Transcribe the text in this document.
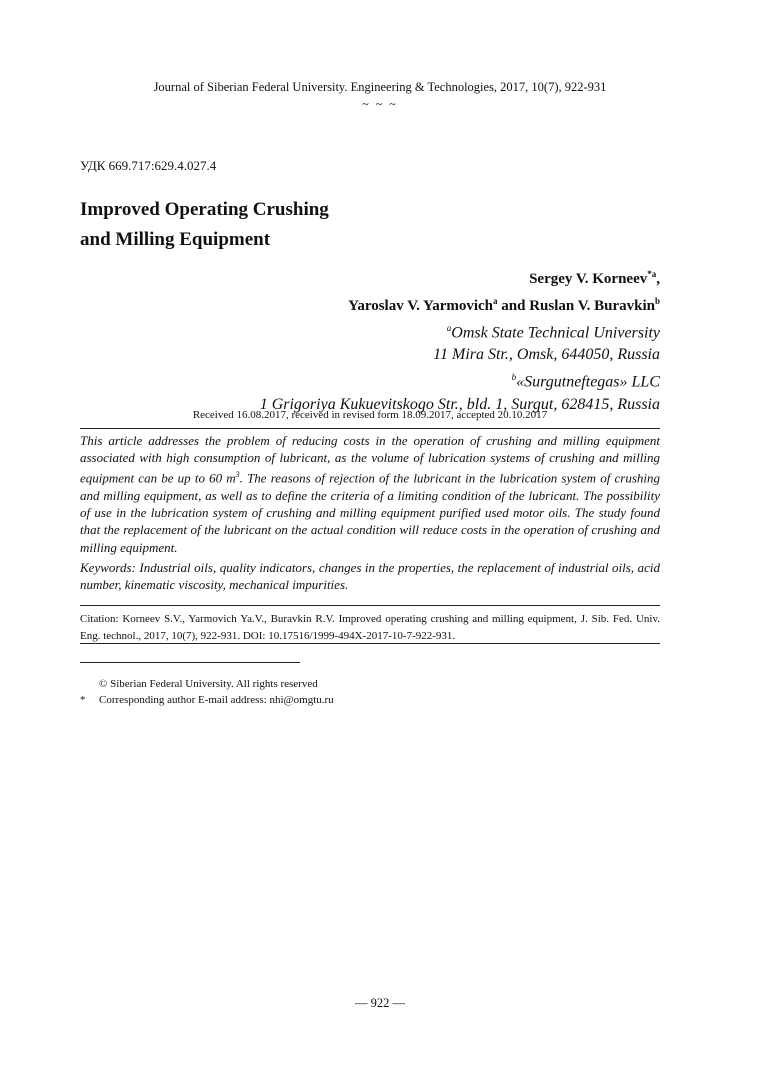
Journal of Siberian Federal University. Engineering & Technologies, 2017, 10(7), 922-931
~ ~ ~
УДК 669.717:629.4.027.4
Improved Operating Crushing
and Milling Equipment
Sergey V. Korneev$^{*a}$,
Yaroslav V. Yarmovich$^a$ and Ruslan V. Buravkin$^b$
$^a$Omsk State Technical University
11 Mira Str., Omsk, 644050, Russia
$^b$«Surgutneftegas» LLC
1 Grigoriya Kukuevitskogo Str., bld. 1, Surgut, 628415, Russia
Received 16.08.2017, received in revised form 18.09.2017, accepted 20.10.2017
This article addresses the problem of reducing costs in the operation of crushing and milling equipment associated with high consumption of lubricant, as the volume of lubrication systems of crushing and milling equipment can be up to 60 $m^3$. The reasons of rejection of the lubricant in the lubrication system of crushing and milling equipment, as well as to define the criteria of a limiting condition of the lubricant. The possibility of use in the lubrication system of crushing and milling equipment purified used motor oils. The study found that the replacement of the lubricant on the actual condition will reduce costs in the operation of crushing and milling equipment.
Keywords: Industrial oils, quality indicators, changes in the properties, the replacement of industrial oils, acid number, kinematic viscosity, mechanical impurities.
Citation: Korneev S.V., Yarmovich Ya.V., Buravkin R.V. Improved operating crushing and milling equipment, J. Sib. Fed. Univ. Eng. technol., 2017, 10(7), 922-931. DOI: 10.17516/1999-494X-2017-10-7-922-931.
© Siberian Federal University. All rights reserved
* Corresponding author E-mail address: nhi@omgtu.ru
— 922 —
